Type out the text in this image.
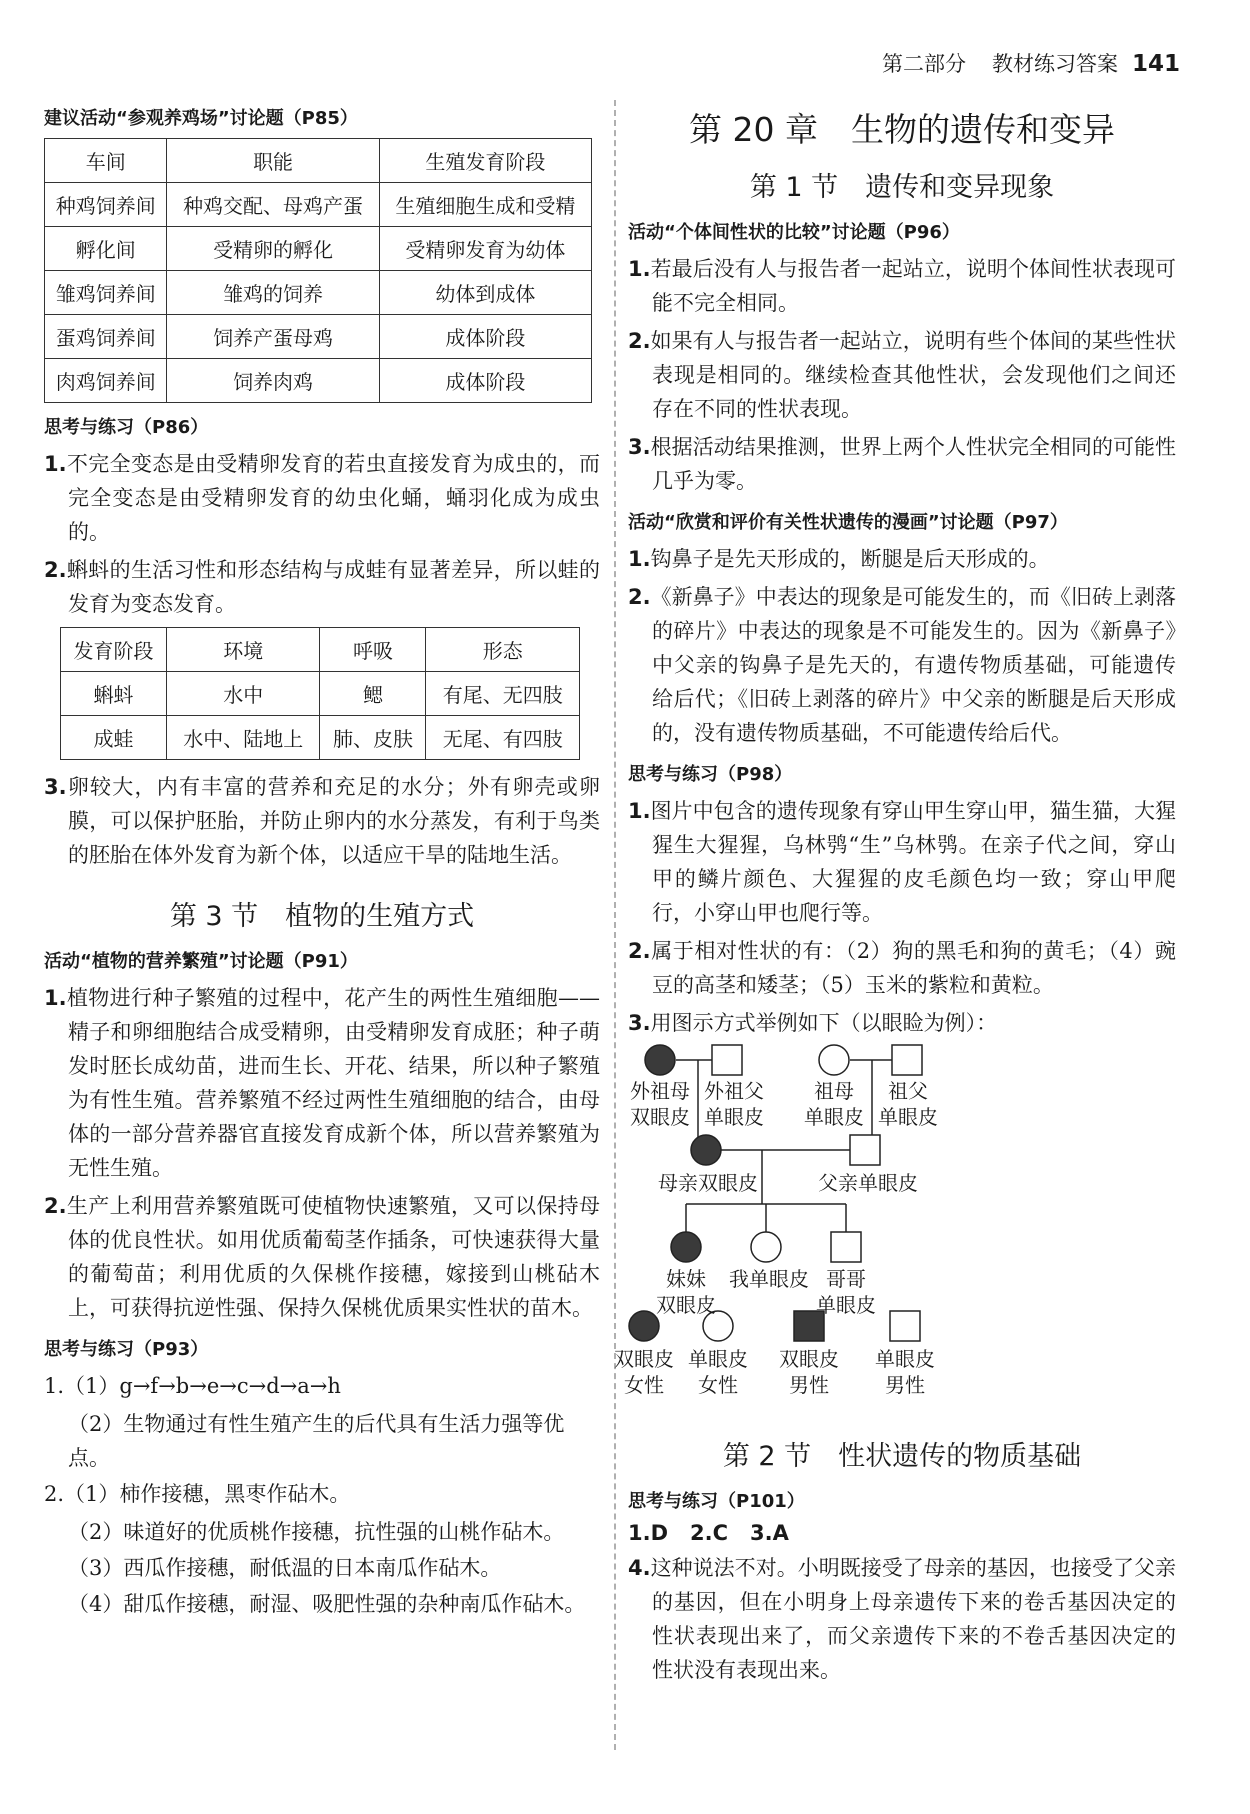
第二部分 教材练习答案 141
建议活动“参观养鸡场”讨论题（P85）
车间	职能	生殖发育阶段
种鸡饲养间	种鸡交配、母鸡产蛋	生殖细胞生成和受精
孵化间	受精卵的孵化	受精卵发育为幼体
雏鸡饲养间	雏鸡的饲养	幼体到成体
蛋鸡饲养间	饲养产蛋母鸡	成体阶段
肉鸡饲养间	饲养肉鸡	成体阶段
思考与练习（P86）

1.不完全变态是由受精卵发育的若虫直接发育为成虫的，而完全变态是由受精卵发育的幼虫化蛹，蛹羽化成为成虫的。

2.蝌蚪的生活习性和形态结构与成蛙有显著差异，所以蛙的发育为变态发育。

发育阶段	环境	呼吸	形态
蝌蚪	水中	鳃	有尾、无四肢
成蛙	水中、陆地上	肺、皮肤	无尾、有四肢

3.卵较大，内有丰富的营养和充足的水分；外有卵壳或卵膜，可以保护胚胎，并防止卵内的水分蒸发，有利于鸟类的胚胎在体外发育为新个体，以适应干旱的陆地生活。

第 3 节　植物的生殖方式
活动“植物的营养繁殖”讨论题（P91）

1.植物进行种子繁殖的过程中，花产生的两性生殖细胞——精子和卵细胞结合成受精卵，由受精卵发育成胚；种子萌发时胚长成幼苗，进而生长、开花、结果，所以种子繁殖为有性生殖。营养繁殖不经过两性生殖细胞的结合，由母体的一部分营养器官直接发育成新个体，所以营养繁殖为无性生殖。

2.生产上利用营养繁殖既可使植物快速繁殖，又可以保持母体的优良性状。如用优质葡萄茎作插条，可快速获得大量的葡萄苗；利用优质的久保桃作接穗，嫁接到山桃砧木上，可获得抗逆性强、保持久保桃优质果实性状的苗木。

思考与练习（P93）

1.（1）g→f→b→e→c→d→a→h

（2）生物通过有性生殖产生的后代具有生活力强等优点。

2.（1）柿作接穗，黑枣作砧木。

（2）味道好的优质桃作接穗，抗性强的山桃作砧木。

（3）西瓜作接穗，耐低温的日本南瓜作砧木。

（4）甜瓜作接穗，耐湿、吸肥性强的杂种南瓜作砧木。

第 20 章　生物的遗传和变异
第 1 节　遗传和变异现象
活动“个体间性状的比较”讨论题（P96）

1.若最后没有人与报告者一起站立，说明个体间性状表现可能不完全相同。

2.如果有人与报告者一起站立，说明有些个体间的某些性状表现是相同的。继续检查其他性状，会发现他们之间还存在不同的性状表现。

3.根据活动结果推测，世界上两个人性状完全相同的可能性几乎为零。

活动“欣赏和评价有关性状遗传的漫画”讨论题（P97）

1.钩鼻子是先天形成的，断腿是后天形成的。

2.《新鼻子》中表达的现象是可能发生的，而《旧砖上剥落的碎片》中表达的现象是不可能发生的。因为《新鼻子》中父亲的钩鼻子是先天的，有遗传物质基础，可能遗传给后代；《旧砖上剥落的碎片》中父亲的断腿是后天形成的，没有遗传物质基础，不可能遗传给后代。

思考与练习（P98）

1.图片中包含的遗传现象有穿山甲生穿山甲，猫生猫，大猩猩生大猩猩，乌林鸮“生”乌林鸮。在亲子代之间，穿山甲的鳞片颜色、大猩猩的皮毛颜色均一致；穿山甲爬行，小穿山甲也爬行等。

2.属于相对性状的有：（2）狗的黑毛和狗的黄毛；（4）豌豆的高茎和矮茎；（5）玉米的紫粒和黄粒。

3.用图示方式举例如下（以眼睑为例）：

外祖母
双眼皮
外祖父
单眼皮
祖母
单眼皮
祖父
单眼皮
母亲双眼皮	父亲单眼皮
妹妹
双眼皮
我单眼皮 哥哥
单眼皮
双眼皮
女性
单眼皮
女性
双眼皮
男性
单眼皮
男性
第 2 节　性状遗传的物质基础
思考与练习（P101）
1.D 2.C 3.A

4.这种说法不对。小明既接受了母亲的基因，也接受了父亲的基因，但在小明身上母亲遗传下来的卷舌基因决定的性状表现出来了，而父亲遗传下来的不卷舌基因决定的性状没有表现出来。
